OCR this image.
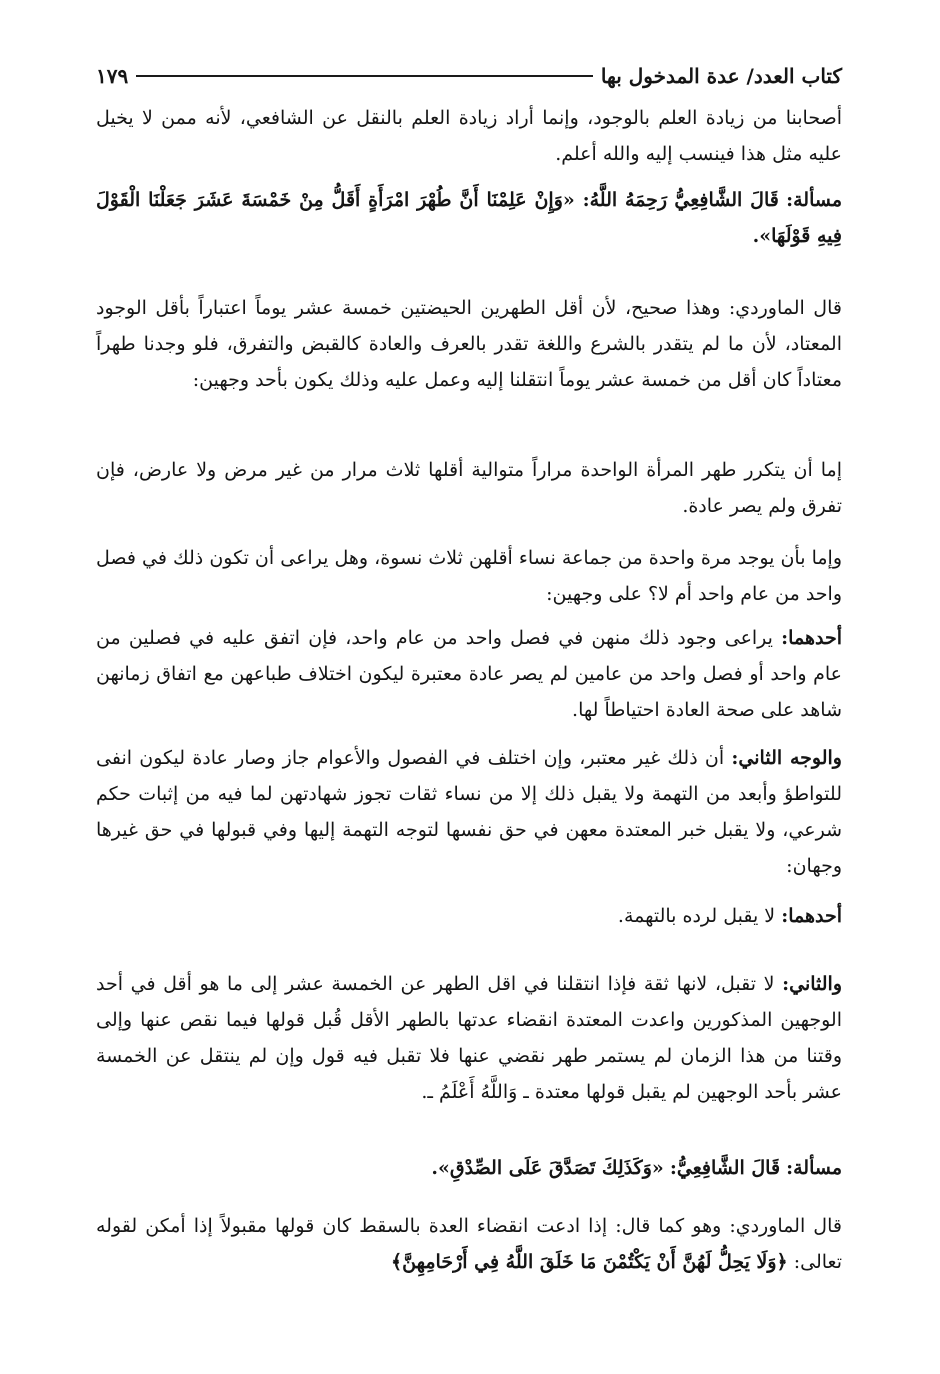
كتاب العدد/ عدة المدخول بها
١٧٩

أصحابنا من زيادة العلم بالوجود، وإنما أراد زيادة العلم بالنقل عن الشافعي، لأنه ممن لا يخيل عليه مثل هذا فينسب إليه والله أعلم.

مسألة: قَالَ الشَّافِعِيُّ رَحِمَهُ اللَّهُ: «وَإِنْ عَلِمْنَا أَنَّ طُهْرَ امْرَأَةٍ أَقَلُّ مِنْ خَمْسَةَ عَشَرَ جَعَلْنَا الْقَوْلَ فِيهِ قَوْلَهَا».

قال الماوردي: وهذا صحيح، لأن أقل الطهرين الحيضتين خمسة عشر يوماً اعتباراً بأقل الوجود المعتاد، لأن ما لم يتقدر بالشرع واللغة تقدر بالعرف والعادة كالقبض والتفرق، فلو وجدنا طهراً معتاداً كان أقل من خمسة عشر يوماً انتقلنا إليه وعمل عليه وذلك يكون بأحد وجهين:

إما أن يتكرر طهر المرأة الواحدة مراراً متوالية أقلها ثلاث مرار من غير مرض ولا عارض، فإن تفرق ولم يصر عادة.

وإما بأن يوجد مرة واحدة من جماعة نساء أقلهن ثلاث نسوة، وهل يراعى أن تكون ذلك في فصل واحد من عام واحد أم لا؟ على وجهين:

أحدهما: يراعى وجود ذلك منهن في فصل واحد من عام واحد، فإن اتفق عليه في فصلين من عام واحد أو فصل واحد من عامين لم يصر عادة معتبرة ليكون اختلاف طباعهن مع اتفاق زمانهن شاهد على صحة العادة احتياطاً لها.

والوجه الثاني: أن ذلك غير معتبر، وإن اختلف في الفصول والأعوام جاز وصار عادة ليكون انفى للتواطؤ وأبعد من التهمة ولا يقبل ذلك إلا من نساء ثقات تجوز شهادتهن لما فيه من إثبات حكم شرعي، ولا يقبل خبر المعتدة معهن في حق نفسها لتوجه التهمة إليها وفي قبولها في حق غيرها وجهان:

أحدهما: لا يقبل لرده بالتهمة.

والثاني: لا تقبل، لانها ثقة فإذا انتقلنا في اقل الطهر عن الخمسة عشر إلى ما هو أقل في أحد الوجهين المذكورين واعدت المعتدة انقضاء عدتها بالطهر الأقل قُبل قولها فيما نقص عنها وإلى وقتنا من هذا الزمان لم يستمر طهر نقضي عنها فلا تقبل فيه قول وإن لم ينتقل عن الخمسة عشر بأحد الوجهين لم يقبل قولها معتدة ـ وَاللَّهُ أَعْلَمُ ـ.

مسألة: قَالَ الشَّافِعِيُّ: «وَكَذَلِكَ تَصَدَّقَ عَلَى الصِّدْقِ».

قال الماوردي: وهو كما قال: إذا ادعت انقضاء العدة بالسقط كان قولها مقبولاً إذا أمكن لقوله تعالى: ﴿وَلَا يَحِلُّ لَهُنَّ أَنْ يَكْتُمْنَ مَا خَلَقَ اللَّهُ فِي أَرْحَامِهِنَّ﴾
